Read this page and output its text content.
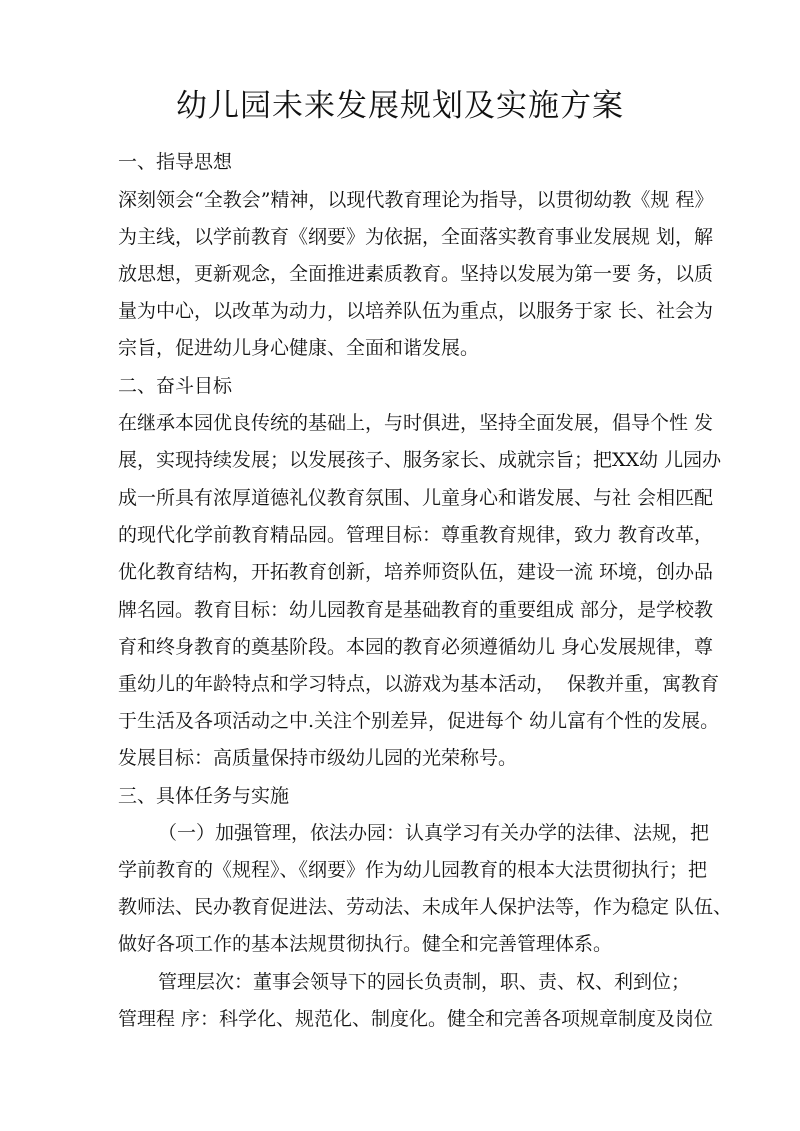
幼儿园未来发展规划及实施方案
一、指导思想
深刻领会“全教会”精神，以现代教育理论为指导，以贯彻幼教《规 程》
为主线，以学前教育《纲要》为依据，全面落实教育事业发展规 划，解
放思想，更新观念，全面推进素质教育。坚持以发展为第一要 务，以质
量为中心，以改革为动力，以培养队伍为重点，以服务于家 长、社会为
宗旨，促进幼儿身心健康、全面和谐发展。
二、奋斗目标
在继承本园优良传统的基础上，与时俱进，坚持全面发展，倡导个性 发
展，实现持续发展；以发展孩子、服务家长、成就宗旨；把XX幼 儿园办
成一所具有浓厚道德礼仪教育氛围、儿童身心和谐发展、与社 会相匹配
的现代化学前教育精品园。管理目标：尊重教育规律，致力 教育改革，
优化教育结构，开拓教育创新，培养师资队伍，建设一流 环境，创办品
牌名园。教育目标：幼儿园教育是基础教育的重要组成 部分，是学校教
育和终身教育的奠基阶段。本园的教育必须遵循幼儿 身心发展规律，尊
重幼儿的年龄特点和学习特点，以游戏为基本活动，  保教并重，寓教育
于生活及各项活动之中.关注个别差异，促进每个 幼儿富有个性的发展。
发展目标：高质量保持市级幼儿园的光荣称号。
三、具体任务与实施
（一）加强管理，依法办园：认真学习有关办学的法律、法规，把
学前教育的《规程》、《纲要》作为幼儿园教育的根本大法贯彻执行；把
教师法、民办教育促进法、劳动法、未成年人保护法等，作为稳定 队伍、
做好各项工作的基本法规贯彻执行。健全和完善管理体系。
管理层次：董事会领导下的园长负责制，职、责、权、利到位；
管理程 序：科学化、规范化、制度化。健全和完善各项规章制度及岗位
